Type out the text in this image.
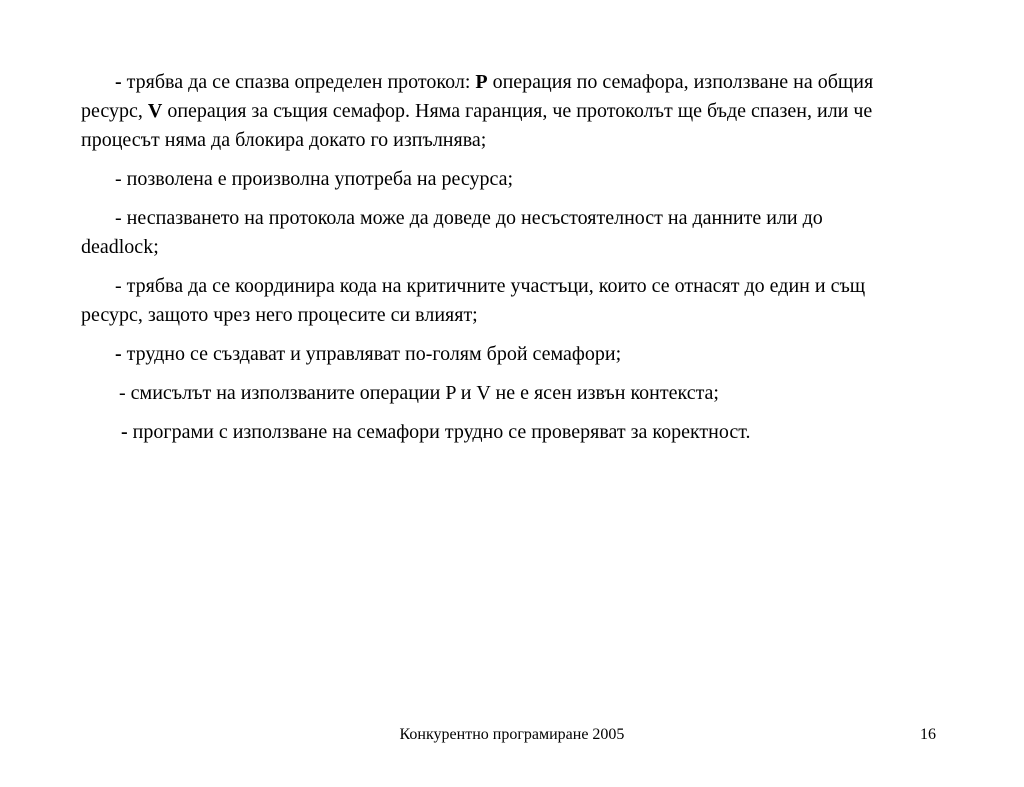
- трябва да се спазва определен протокол: P операция по семафора, използване на общия ресурс, V операция за същия семафор. Няма гаранция, че протоколът ще бъде спазен, или че процесът няма да блокира докато го изпълнява;

- позволена е произволна употреба на ресурса;

- неспазването на протокола може да доведе до несъстоятелност на данните или до deadlock;

- трябва да се координира кода на критичните участъци, които се отнасят до един и същ ресурс, защото чрез него процесите си влияят;

- трудно се създават и управляват по-голям брой семафори;

- смисълът на използваните операции P и V не е ясен извън контекста;

- програми с използване на семафори трудно се проверяват за коректност.

Конкурентно програмиране 2005	16
